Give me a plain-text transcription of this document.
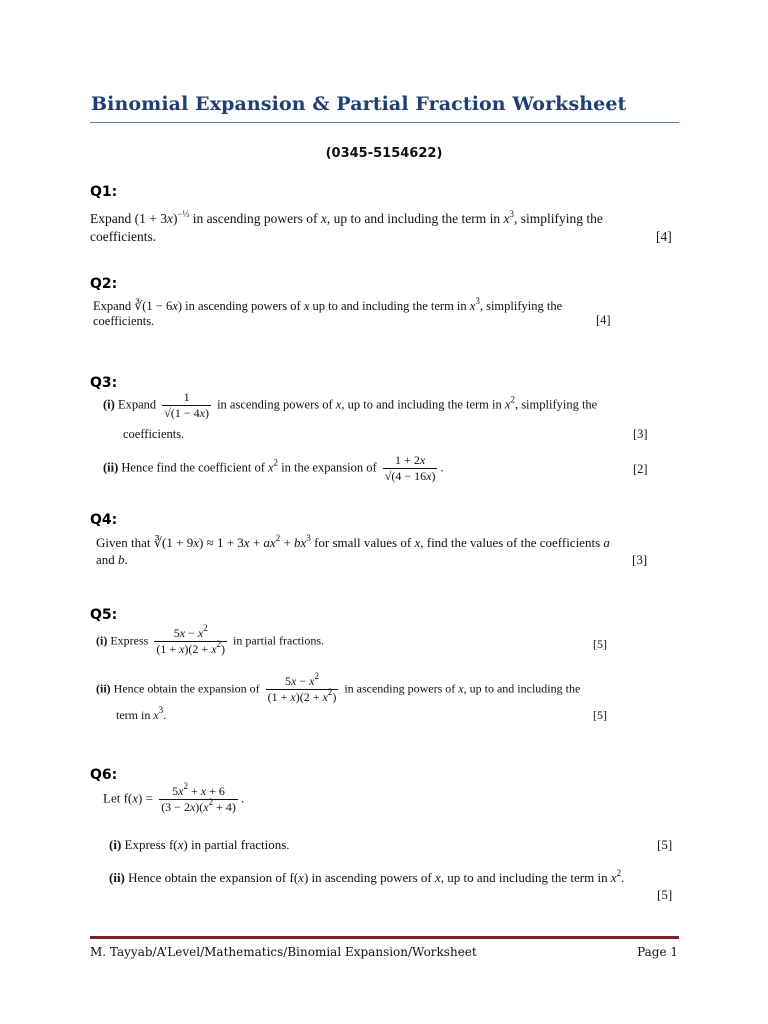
Binomial Expansion & Partial Fraction Worksheet
(0345-5154622)
Q1:
Expand $(1 + 3x)^{-\frac{1}{3}}$ in ascending powers of x, up to and including the term in $x^3$, simplifying the
coefficients.	[4]
Q2:
Expand ∛(1 − 6x) in ascending powers of x up to and including the term in $x^3$, simplifying the
coefficients.	[4]
Q3:
(i) Expand $\frac{1}{√(1 - 4x)}$ in ascending powers of x, up to and including the term in $x^2$, simplifying the
coefficients.	[3]
(ii) Hence find the coefficient of $x^2$ in the expansion of $\frac{1 + 2x}{√(4 - 16x)}$ .	[2]
Q4:
Given that ∛(1 + $9x) \approx 1 + 3x + ax^2 + bx^3$ for small values of x, find the values of the coefficients a
and b.	[3]
Q5:
(i) Express $\frac{5x - x^2}{(1 + x)(2 + x^2)}$ in partial fractions.	[5]
(ii) Hence obtain the expansion of $\frac{5x - x^2}{(1 + x)(2 + x^2)}$ in ascending powers of x, up to and including the
term in $x^3$.	[5]
Q6:
Let $f(x) = \frac{5x^2 + x + 6}{(3 - 2x)(x^2 + 4)}$ .
(i) Express f(x) in partial fractions.	[5]
(ii) Hence obtain the expansion of f(x) in ascending powers of x, up to and including the term in $x^2$.
[5]
M. Tayyab/A’Level/Mathematics/Binomial Expansion/Worksheet	Page 1
